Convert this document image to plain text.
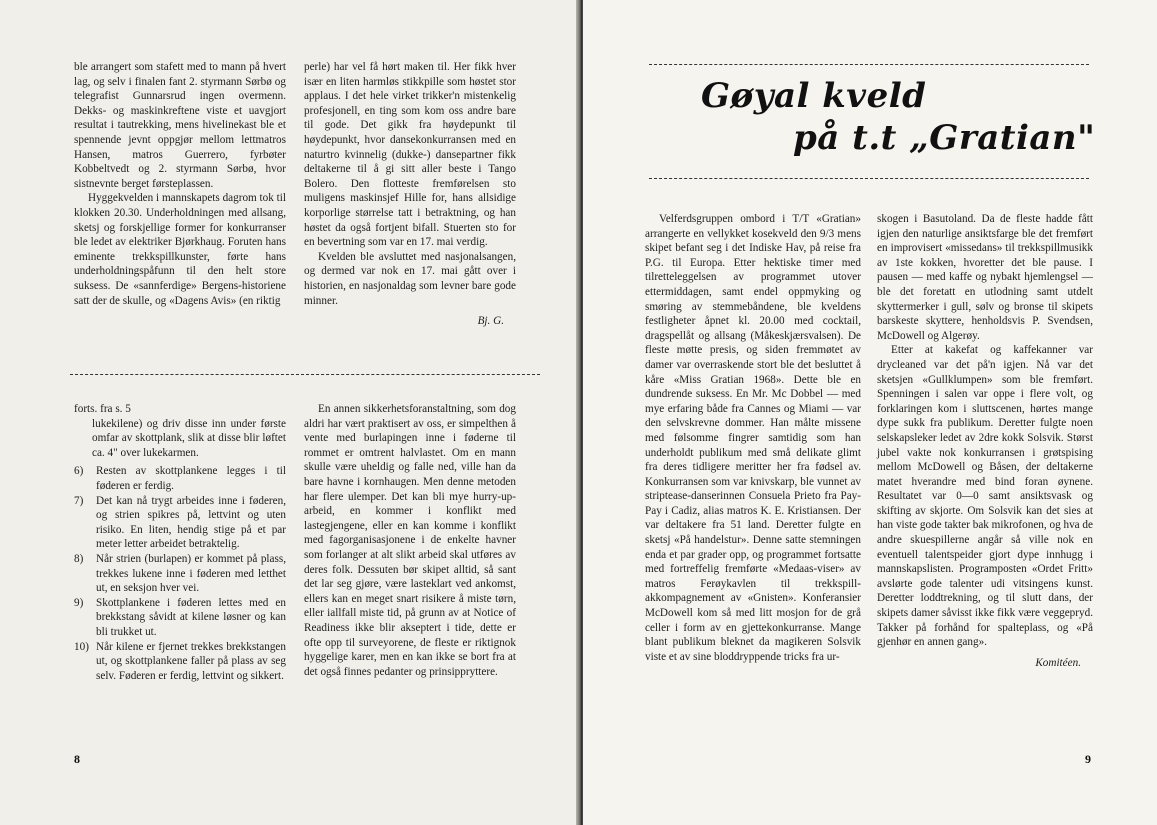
ble arrangert som stafett med to mann på hvert lag, og selv i finalen fant 2. styrmann Sørbø og telegrafist Gunnarsrud ingen overmenn. Dekks- og maskinkreftene viste et uavgjort resultat i tautrekking, mens hivelinekast ble et spennende jevnt oppgjør mellom lettmatros Hansen, matros Guerrero, fyrbøter Kobbeltvedt og 2. styrmann Sørbø, hvor sistnevnte berget førsteplassen.

Hyggekvelden i mannskapets dagrom tok til klokken 20.30. Underholdningen med allsang, sketsj og forskjellige former for konkurranser ble ledet av elektriker Bjørkhaug. Foruten hans eminente trekkspillkunster, førte hans underholdningspåfunn til den helt store suksess. De «sannferdige» Bergens-historiene satt der de skulle, og «Dagens Avis» (en riktig

perle) har vel få hørt maken til. Her fikk hver især en liten harmløs stikkpille som høstet stor applaus. I det hele virket trikker'n mistenkelig profesjonell, en ting som kom oss andre bare til gode. Det gikk fra høydepunkt til høydepunkt, hvor dansekonkurransen med en naturtro kvinnelig (dukke-) dansepartner fikk deltakerne til å gi sitt aller beste i Tango Bolero. Den flotteste fremførelsen sto muligens maskinsjef Hille for, hans allsidige korporlige størrelse tatt i betraktning, og han høstet da også fortjent bifall. Stuerten sto for en bevertning som var en 17. mai verdig.

Kvelden ble avsluttet med nasjonalsangen, og dermed var nok en 17. mai gått over i historien, en nasjonaldag som levner bare gode minner.

Bj. G.

forts. fra s. 5

lukekilene) og driv disse inn under første omfar av skottplank, slik at disse blir løftet ca. 4" over lukekarmen.

6) Resten av skottplankene legges i til føderen er ferdig.
7) Det kan nå trygt arbeides inne i føderen, og strien spikres på, lettvint og uten risiko. En liten, hendig stige på et par meter letter arbeidet betraktelig.
8) Når strien (burlapen) er kommet på plass, trekkes lukene inne i føderen med letthet ut, en seksjon hver vei.
9) Skottplankene i føderen lettes med en brekkstang såvidt at kilene løsner og kan bli trukket ut.
10) Når kilene er fjernet trekkes brekkstangen ut, og skottplankene faller på plass av seg selv. Føderen er ferdig, lettvint og sikkert.

En annen sikkerhetsforanstaltning, som dog aldri har vært praktisert av oss, er simpelthen å vente med burlapingen inne i føderne til rommet er omtrent halvlastet. Om en mann skulle være uheldig og falle ned, ville han da bare havne i kornhaugen. Men denne metoden har flere ulemper. Det kan bli mye hurry-up-arbeid, en kommer i konflikt med lastegjengene, eller en kan komme i konflikt med fagorganisasjonene i de enkelte havner som forlanger at alt slikt arbeid skal utføres av deres folk. Dessuten bør skipet alltid, så sant det lar seg gjøre, være lasteklart ved ankomst, ellers kan en meget snart risikere å miste tørn, eller iallfall miste tid, på grunn av at Notice of Readiness ikke blir akseptert i tide, dette er ofte opp til surveyorene, de fleste er riktignok hyggelige karer, men en kan ikke se bort fra at det også finnes pedanter og prinsippryttere.

8
Gøyal kveld
på t.t „Gratian"

Velferdsgruppen ombord i T/T «Gratian» arrangerte en vellykket kosekveld den 9/3 mens skipet befant seg i det Indiske Hav, på reise fra P.G. til Europa. Etter hektiske timer med tilretteleggelsen av programmet utover ettermiddagen, samt endel oppmyking og smøring av stemmebåndene, ble kveldens festligheter åpnet kl. 20.00 med cocktail, dragspellåt og allsang (Måkeskjærsvalsen). De fleste møtte presis, og siden fremmøtet av damer var overraskende stort ble det besluttet å kåre «Miss Gratian 1968». Dette ble en dundrende suksess. En Mr. Mc Dobbel — med mye erfaring både fra Cannes og Miami — var den selvskrevne dommer. Han målte missene med følsomme fingrer samtidig som han underholdt publikum med små delikate glimt fra deres tidligere meritter her fra fødsel av. Konkurransen som var knivskarp, ble vunnet av striptease-danserinnen Consuela Prieto fra Pay-Pay i Cadiz, alias matros K. E. Kristiansen. Der var deltakere fra 51 land. Deretter fulgte en sketsj «På handelstur». Denne satte stemningen enda et par grader opp, og programmet fortsatte med fortreffelig fremførte «Medaas-viser» av matros Ferøykavlen til trekkspill-akkompagnement av «Gnisten». Konferansier McDowell kom så med litt mosjon for de grå celler i form av en gjettekonkurranse. Mange blant publikum bleknet da magikeren Solsvik viste et av sine bloddryppende tricks fra ur-

skogen i Basutoland. Da de fleste hadde fått igjen den naturlige ansiktsfarge ble det fremført en improvisert «missedans» til trekkspillmusikk av 1ste kokken, hvoretter det ble pause. I pausen — med kaffe og nybakt hjemlengsel — ble det foretatt en utlodning samt utdelt skyttermerker i gull, sølv og bronse til skipets barskeste skyttere, henholdsvis P. Svendsen, McDowell og Algerøy.

Etter at kakefat og kaffekanner var drycleaned var det på'n igjen. Nå var det sketsjen «Gullklumpen» som ble fremført. Spenningen i salen var oppe i flere volt, og forklaringen kom i sluttscenen, hørtes mange dype sukk fra publikum. Deretter fulgte noen selskapsleker ledet av 2dre kokk Solsvik. Størst jubel vakte nok konkurransen i grøtspising mellom McDowell og Båsen, der deltakerne matet hverandre med bind foran øynene. Resultatet var 0—0 samt ansiktsvask og skifting av skjorte. Om Solsvik kan det sies at han viste gode takter bak mikrofonen, og hva de andre skuespillerne angår så ville nok en eventuell talentspeider gjort dype innhugg i mannskapslisten. Programposten «Ordet Fritt» avslørte gode talenter udi vitsingens kunst. Deretter loddtrekning, og til slutt dans, der skipets damer såvisst ikke fikk være veggepryd. Takker på forhånd for spalteplass, og «På gjenhør en annen gang».

Komitéen.

9
